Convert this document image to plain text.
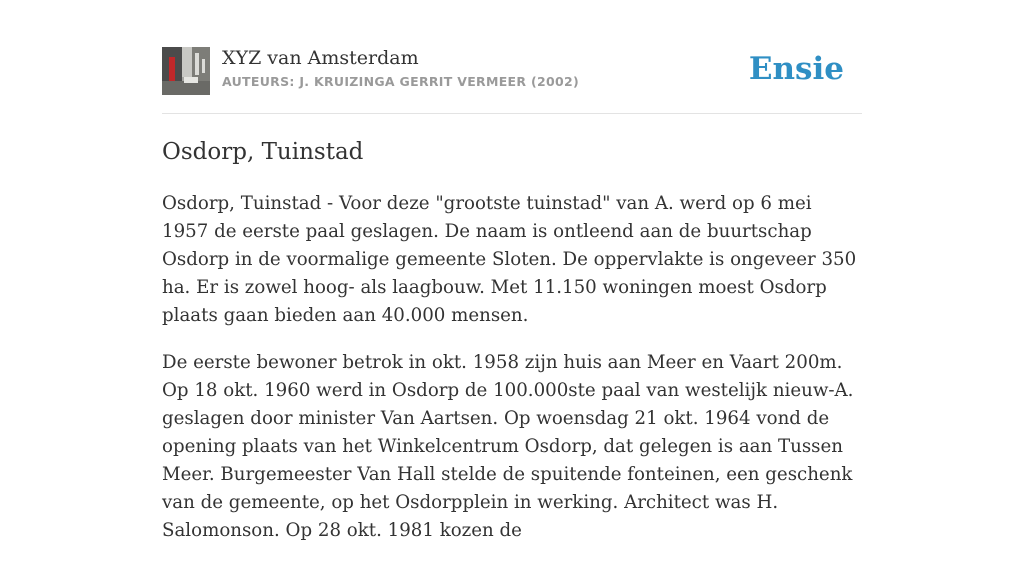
XYZ van Amsterdam
AUTEURS: J. KRUIZINGA GERRIT VERMEER (2002)	Ensie
Osdorp, Tuinstad

Osdorp, Tuinstad - Voor deze "grootste tuinstad" van A. werd op 6 mei 1957 de eerste paal geslagen. De naam is ontleend aan de buurtschap Osdorp in de voormalige gemeente Sloten. De oppervlakte is ongeveer 350 ha. Er is zowel hoog- als laagbouw. Met 11.150 woningen moest Osdorp plaats gaan bieden aan 40.000 mensen.

De eerste bewoner betrok in okt. 1958 zijn huis aan Meer en Vaart 200m. Op 18 okt. 1960 werd in Osdorp de 100.000ste paal van westelijk nieuw-A. geslagen door minister Van Aartsen. Op woensdag 21 okt. 1964 vond de opening plaats van het Winkelcentrum Osdorp, dat gelegen is aan Tussen Meer. Burgemeester Van Hall stelde de spuitende fonteinen, een geschenk van de gemeente, op het Osdorpplein in werking. Architect was H. Salomonson. Op 28 okt. 1981 kozen de
